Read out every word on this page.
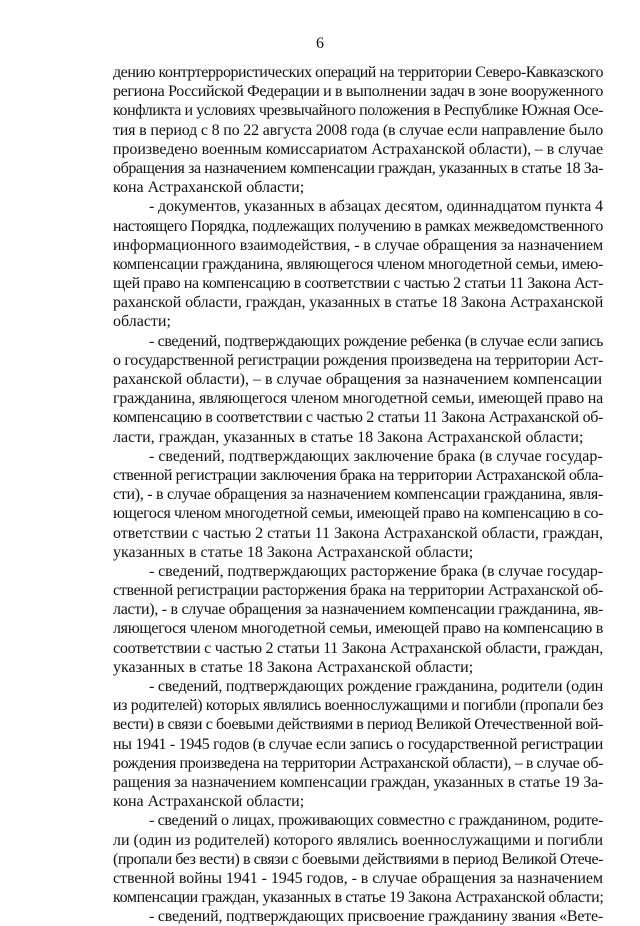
6
дению контртеррористических операций на территории Северо-Кавказского
региона Российской Федерации и в выполнении задач в зоне вооруженного
конфликта и условиях чрезвычайного положения в Республике Южная Осе-
тия в период с 8 по 22 августа 2008 года (в случае если направление было
произведено военным комиссариатом Астраханской области), – в случае
обращения за назначением компенсации граждан, указанных в статье 18 За-
кона Астраханской области;
- документов, указанных в абзацах десятом, одиннадцатом пункта 4
настоящего Порядка, подлежащих получению в рамках межведомственного
информационного взаимодействия, - в случае обращения за назначением
компенсации гражданина, являющегося членом многодетной семьи, имею-
щей право на компенсацию в соответствии с частью 2 статьи 11 Закона Аст-
раханской области, граждан, указанных в статье 18 Закона Астраханской
области;
- сведений, подтверждающих рождение ребенка (в случае если запись
о государственной регистрации рождения произведена на территории Аст-
раханской области), – в случае обращения за назначением компенсации
гражданина, являющегося членом многодетной семьи, имеющей право на
компенсацию в соответствии с частью 2 статьи 11 Закона Астраханской об-
ласти, граждан, указанных в статье 18 Закона Астраханской области;
- сведений, подтверждающих заключение брака (в случае государ-
ственной регистрации заключения брака на территории Астраханской обла-
сти), - в случае обращения за назначением компенсации гражданина, явля-
ющегося членом многодетной семьи, имеющей право на компенсацию в со-
ответствии с частью 2 статьи 11 Закона Астраханской области, граждан,
указанных в статье 18 Закона Астраханской области;
- сведений, подтверждающих расторжение брака (в случае государ-
ственной регистрации расторжения брака на территории Астраханской об-
ласти), - в случае обращения за назначением компенсации гражданина, яв-
ляющегося членом многодетной семьи, имеющей право на компенсацию в
соответствии с частью 2 статьи 11 Закона Астраханской области, граждан,
указанных в статье 18 Закона Астраханской области;
- сведений, подтверждающих рождение гражданина, родители (один
из родителей) которых являлись военнослужащими и погибли (пропали без
вести) в связи с боевыми действиями в период Великой Отечественной вой-
ны 1941 - 1945 годов (в случае если запись о государственной регистрации
рождения произведена на территории Астраханской области), – в случае об-
ращения за назначением компенсации граждан, указанных в статье 19 За-
кона Астраханской области;
- сведений о лицах, проживающих совместно с гражданином, родите-
ли (один из родителей) которого являлись военнослужащими и погибли
(пропали без вести) в связи с боевыми действиями в период Великой Отече-
ственной войны 1941 - 1945 годов, - в случае обращения за назначением
компенсации граждан, указанных в статье 19 Закона Астраханской области;
- сведений, подтверждающих присвоение гражданину звания «Вете-
